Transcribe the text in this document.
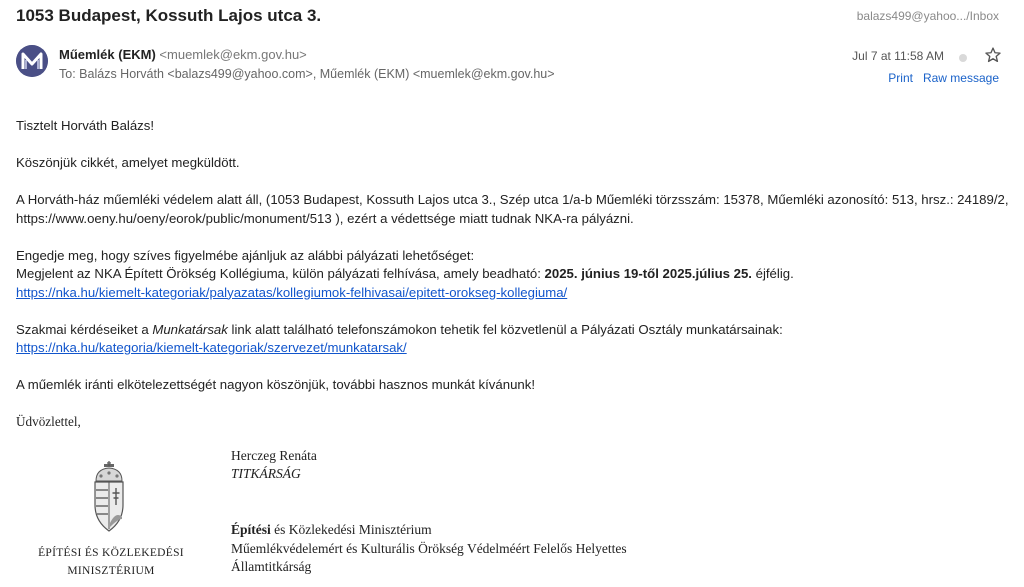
1053 Budapest, Kossuth Lajos utca 3.	balazs499@yahoo.../Inbox
Műemlék (EKM) <muemlek@ekm.gov.hu>
To: Balázs Horváth <balazs499@yahoo.com>, Műemlék (EKM) <muemlek@ekm.gov.hu>
Jul 7 at 11:58 AM
Print Raw message

Tisztelt Horváth Balázs!

Köszönjük cikkét, amelyet megküldött.

A Horváth-ház műemléki védelem alatt áll, (1053 Budapest, Kossuth Lajos utca 3., Szép utca 1/a-b Műemléki törzsszám: 15378, Műemléki azonosító: 513, hrsz.: 24189/2, https://www.oeny.hu/oeny/eorok/public/monument/513 ), ezért a védettsége miatt tudnak NKA-ra pályázni.

Engedje meg, hogy szíves figyelmébe ajánljuk az alábbi pályázati lehetőséget:

Megjelent az NKA Épített Örökség Kollégiuma, külön pályázati felhívása, amely beadható: 2025. június 19-től 2025.július 25. éjfélig.

https://nka.hu/kiemelt-kategoriak/palyazatas/kollegiumok-felhivasai/epitett-orokseg-kollegiuma/

Szakmai kérdéseiket a Munkatársak link alatt található telefonszámokon tehetik fel közvetlenül a Pályázati Osztály munkatársainak:

https://nka.hu/kategoria/kiemelt-kategoriak/szervezet/munkatarsak/

A műemlék iránti elkötelezettségét nagyon köszönjük, további hasznos munkát kívánunk!

Üdvözlettel,

Herczeg Renáta
TITKÁRSÁG
ÉPÍTÉSI ÉS KÖZLEKEDÉSI
MINISZTÉRIUM
Építési és Közlekedési Minisztérium
Műemlékvédelemért és Kulturális Örökség Védelméért Felelős Helyettes
Államtitkárság
